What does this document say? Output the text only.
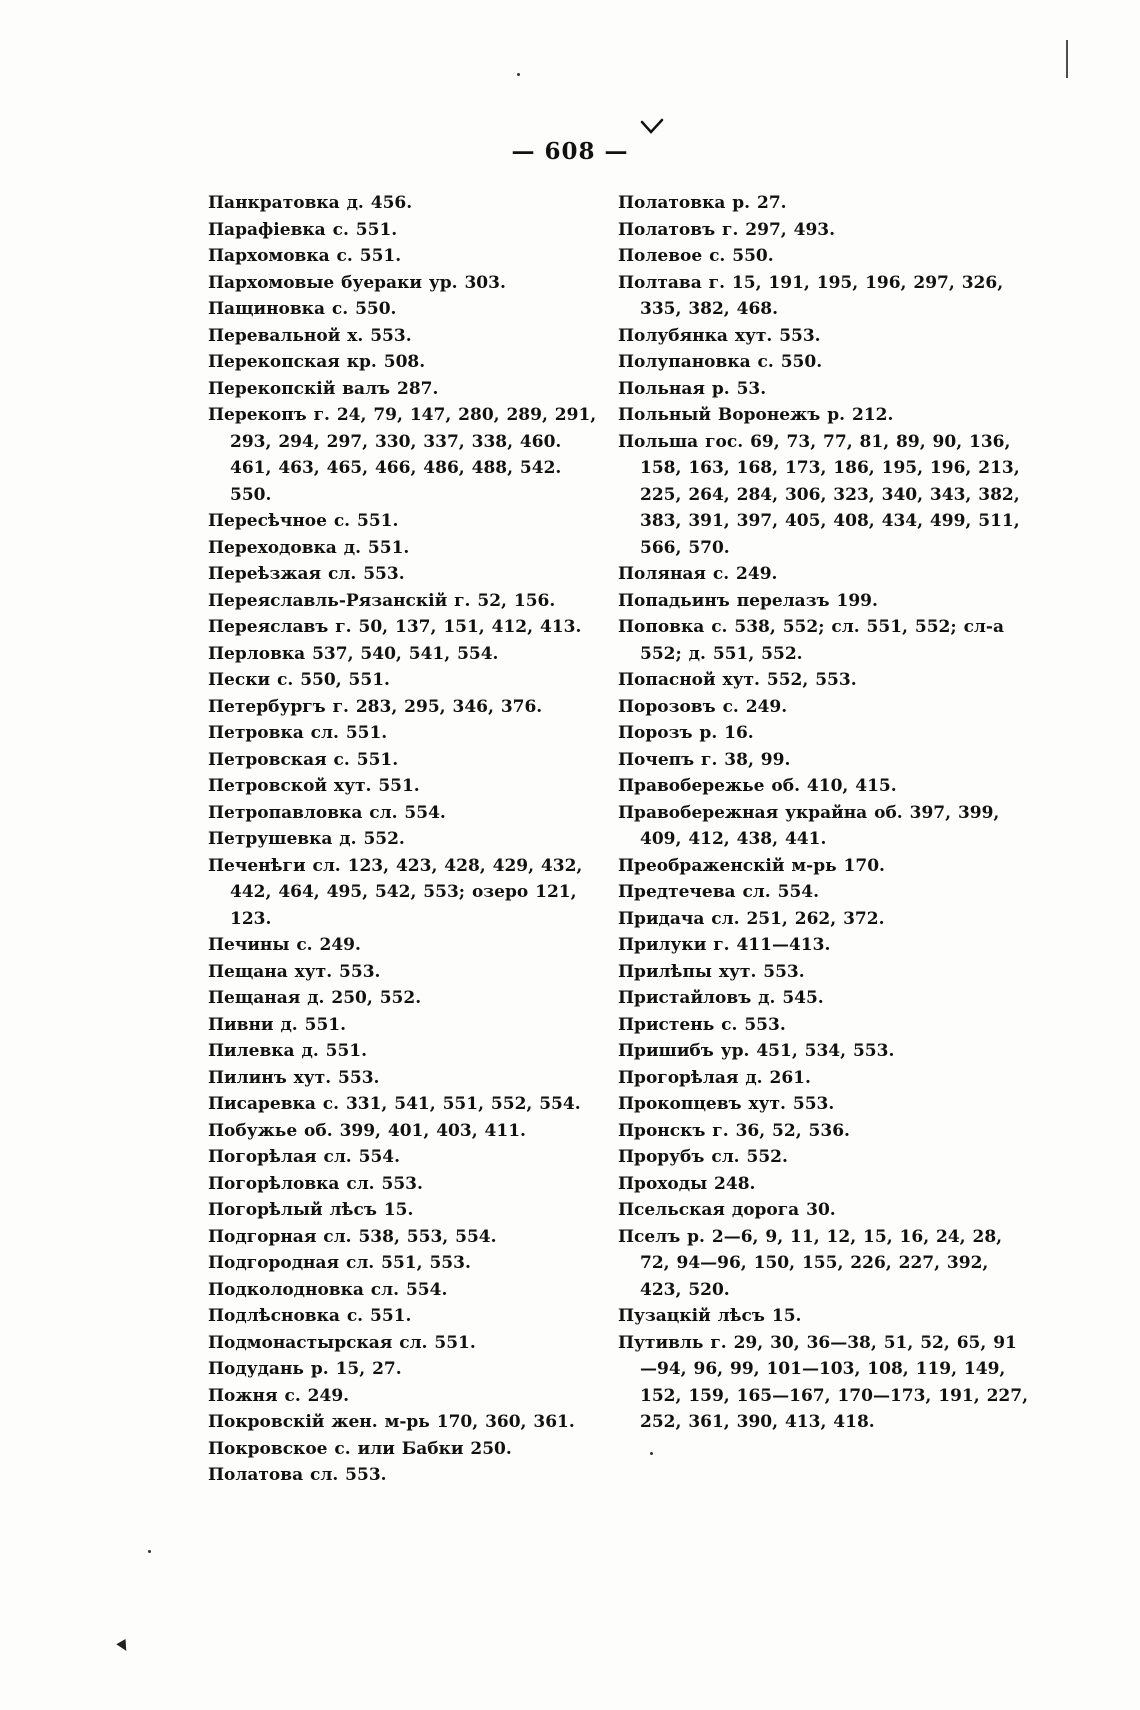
▼
— 608 —

Панкратовка д. 456.

Парафіевка с. 551.

Пархомовка с. 551.

Пархомовые буераки ур. 303.

Пащиновка с. 550.

Перевальной х. 553.

Перекопская кр. 508.

Перекопскій валъ 287.

Перекопъ г. 24, 79, 147, 280, 289, 291, 293, 294, 297, 330, 337, 338, 460. 461, 463, 465, 466, 486, 488, 542. 550.

Пересѣчное с. 551.

Переходовка д. 551.

Переѣзжая сл. 553.

Переяславль-Рязанскій г. 52, 156.

Переяславъ г. 50, 137, 151, 412, 413.

Перловка 537, 540, 541, 554.

Пески с. 550, 551.

Петербургъ г. 283, 295, 346, 376.

Петровка сл. 551.

Петровская с. 551.

Петровской хут. 551.

Петропавловка сл. 554.

Петрушевка д. 552.

Печенѣги сл. 123, 423, 428, 429, 432, 442, 464, 495, 542, 553; озеро 121, 123.

Печины с. 249.

Пещана хут. 553.

Пещаная д. 250, 552.

Пивни д. 551.

Пилевка д. 551.

Пилинъ хут. 553.

Писаревка с. 331, 541, 551, 552, 554.

Побужье об. 399, 401, 403, 411.

Погорѣлая сл. 554.

Погорѣловка сл. 553.

Погорѣлый лѣсъ 15.

Подгорная сл. 538, 553, 554.

Подгородная сл. 551, 553.

Подколодновка сл. 554.

Подлѣсновка с. 551.

Подмонастырская сл. 551.

Подудань р. 15, 27.

Пожня с. 249.

Покровскій жен. м-рь 170, 360, 361.

Покровское с. или Бабки 250.

Полатова сл. 553.

Полатовка р. 27.

Полатовъ г. 297, 493.

Полевое с. 550.

Полтава г. 15, 191, 195, 196, 297, 326, 335, 382, 468.

Полубянка хут. 553.

Полупановка с. 550.

Польная р. 53.

Польный Воронежъ р. 212.

Польша гос. 69, 73, 77, 81, 89, 90, 136, 158, 163, 168, 173, 186, 195, 196, 213, 225, 264, 284, 306, 323, 340, 343, 382, 383, 391, 397, 405, 408, 434, 499, 511, 566, 570.

Поляная с. 249.

Попадьинъ перелазъ 199.

Поповка с. 538, 552; сл. 551, 552; сл-а 552; д. 551, 552.

Попасной хут. 552, 553.

Порозовъ с. 249.

Порозъ р. 16.

Почепъ г. 38, 99.

Правобережье об. 410, 415.

Правобережная украйна об. 397, 399, 409, 412, 438, 441.

Преображенскій м-рь 170.

Предтечева сл. 554.

Придача сл. 251, 262, 372.

Прилуки г. 411—413.

Прилѣпы хут. 553.

Пристайловъ д. 545.

Пристень с. 553.

Пришибъ ур. 451, 534, 553.

Прогорѣлая д. 261.

Прокопцевъ хут. 553.

Пронскъ г. 36, 52, 536.

Прорубъ сл. 552.

Проходы 248.

Псельская дорога 30.

Пселъ р. 2—6, 9, 11, 12, 15, 16, 24, 28, 72, 94—96, 150, 155, 226, 227, 392, 423, 520.

Пузацкій лѣсъ 15.

Путивль г. 29, 30, 36—38, 51, 52, 65, 91—94, 96, 99, 101—103, 108, 119, 149, 152, 159, 165—167, 170—173, 191, 227, 252, 361, 390, 413, 418.
